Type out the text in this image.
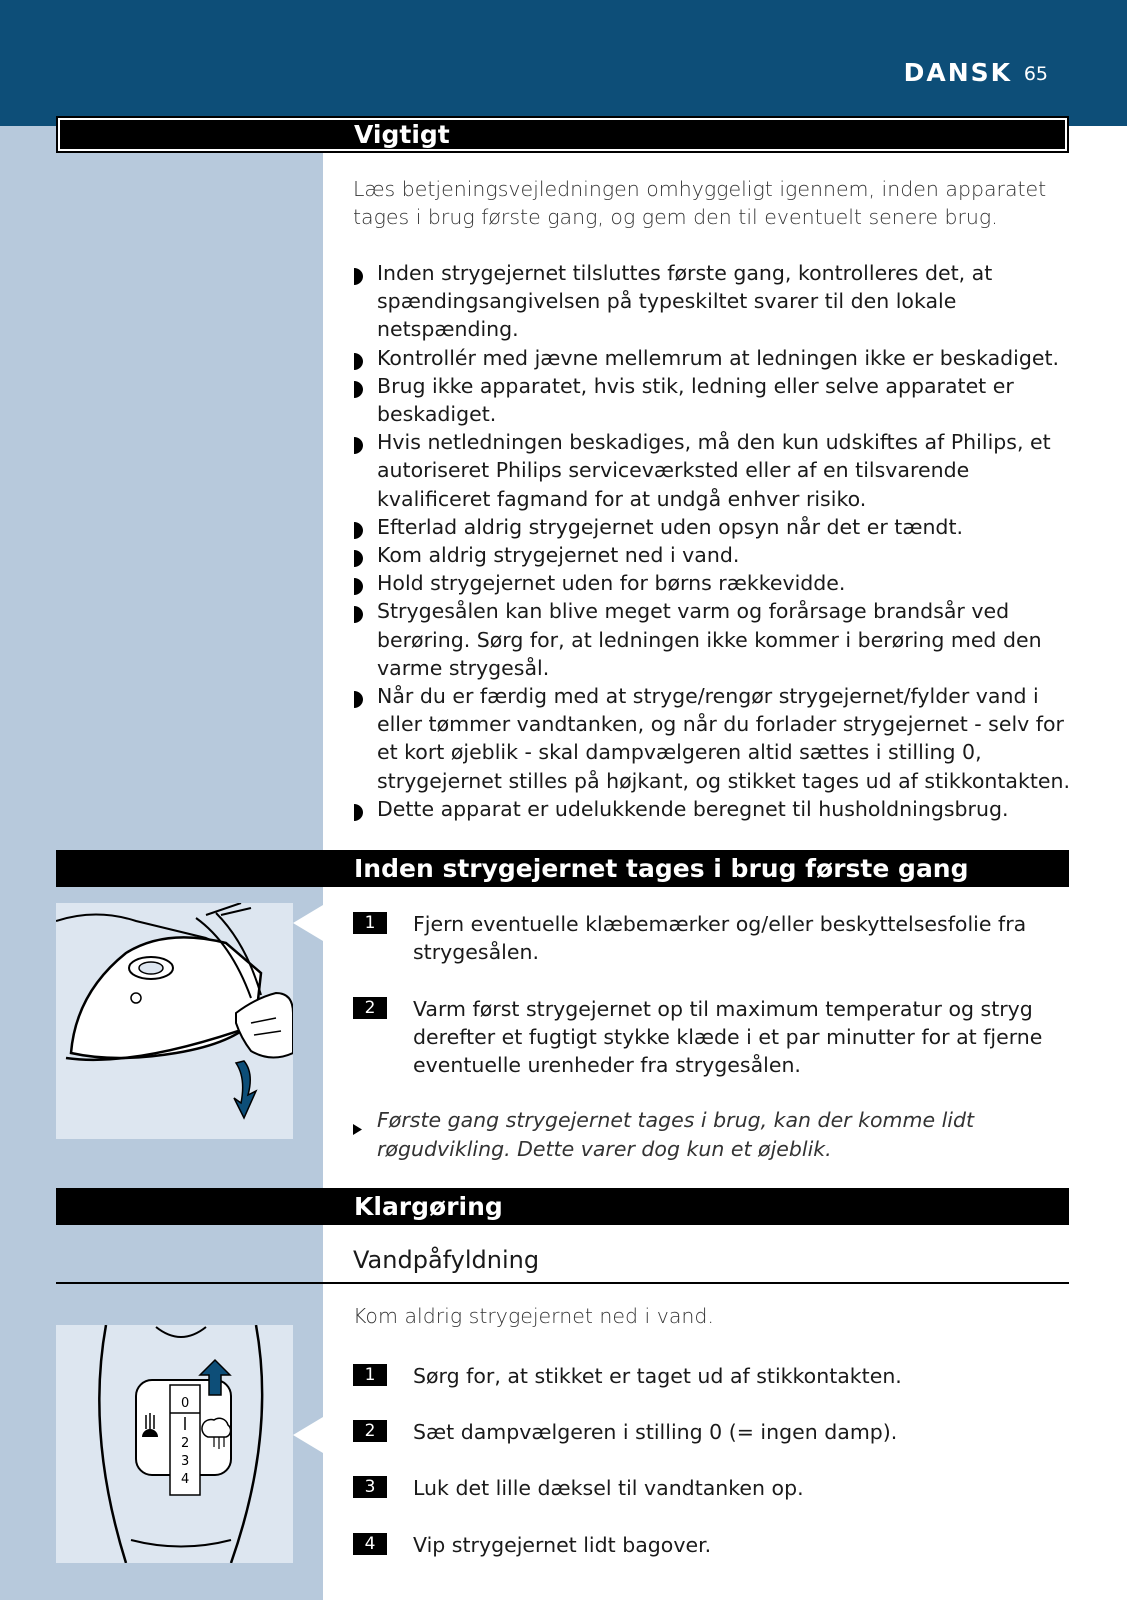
DANSK 65
Vigtigt
Læs betjeningsvejledningen omhyggeligt igennem, inden apparatet tages i brug første gang, og gem den til eventuelt senere brug.
Inden strygejernet tilsluttes første gang, kontrolleres det, at spændingsangivelsen på typeskiltet svarer til den lokale netspænding.
Kontrollér med jævne mellemrum at ledningen ikke er beskadiget.
Brug ikke apparatet, hvis stik, ledning eller selve apparatet er beskadiget.
Hvis netledningen beskadiges, må den kun udskiftes af Philips, et autoriseret Philips serviceværksted eller af en tilsvarende kvalificeret fagmand for at undgå enhver risiko.
Efterlad aldrig strygejernet uden opsyn når det er tændt.
Kom aldrig strygejernet ned i vand.
Hold strygejernet uden for børns rækkevidde.
Strygesålen kan blive meget varm og forårsage brandsår ved berøring. Sørg for, at ledningen ikke kommer i berøring med den varme strygesål.
Når du er færdig med at stryge/rengør strygejernet/fylder vand i eller tømmer vandtanken, og når du forlader strygejernet - selv for et kort øjeblik - skal dampvælgeren altid sættes i stilling 0, strygejernet stilles på højkant, og stikket tages ud af stikkontakten.
Dette apparat er udelukkende beregnet til husholdningsbrug.
Inden strygejernet tages i brug første gang
1	Fjern eventuelle klæbemærker og/eller beskyttelsesfolie fra strygesålen.
2	Varm først strygejernet op til maximum temperatur og stryg derefter et fugtigt stykke klæde i et par minutter for at fjerne eventuelle urenheder fra strygesålen.
Første gang strygejernet tages i brug, kan der komme lidt røgudvikling. Dette varer dog kun et øjeblik.
Klargøring
Vandpåfyldning
Kom aldrig strygejernet ned i vand.
0
2
3
4
1	Sørg for, at stikket er taget ud af stikkontakten.
2	Sæt dampvælgeren i stilling 0 (= ingen damp).
3	Luk det lille dæksel til vandtanken op.
4	Vip strygejernet lidt bagover.
